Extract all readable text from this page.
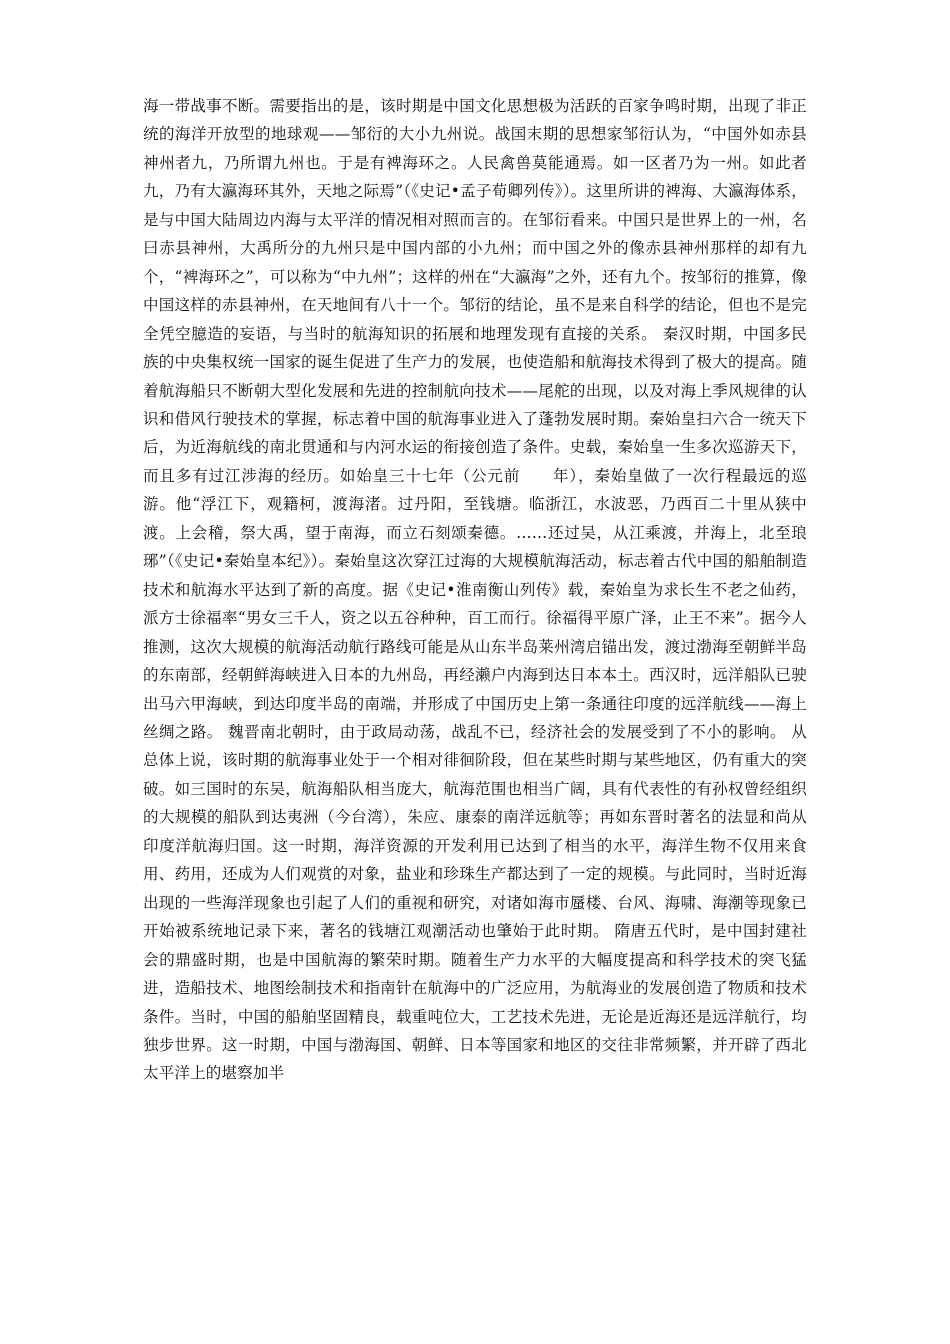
海一带战事不断。需要指出的是，该时期是中国文化思想极为活跃的百家争鸣时期，出现了非正统的海洋开放型的地球观——邹衍的大小九州说。战国末期的思想家邹衍认为，“中国外如赤县神州者九，乃所谓九州也。于是有裨海环之。人民禽兽莫能通焉。如一区者乃为一州。如此者九，乃有大瀛海环其外，天地之际焉”（《史记•孟子荀卿列传》）。这里所讲的裨海、大瀛海体系，是与中国大陆周边内海与太平洋的情况相对照而言的。在邹衍看来。中国只是世界上的一州，名曰赤县神州，大禹所分的九州只是中国内部的小九州；而中国之外的像赤县神州那样的却有九个，“裨海环之”，可以称为“中九州”；这样的州在“大瀛海”之外，还有九个。按邹衍的推算，像中国这样的赤县神州，在天地间有八十一个。邹衍的结论，虽不是来自科学的结论，但也不是完全凭空臆造的妄语，与当时的航海知识的拓展和地理发现有直接的关系。 秦汉时期，中国多民族的中央集权统一国家的诞生促进了生产力的发展，也使造船和航海技术得到了极大的提高。随着航海船只不断朝大型化发展和先进的控制航向技术——尾舵的出现，以及对海上季风规律的认识和借风行驶技术的掌握，标志着中国的航海事业进入了蓬勃发展时期。秦始皇扫六合一统天下后，为近海航线的南北贯通和与内河水运的衔接创造了条件。史载，秦始皇一生多次巡游天下，而且多有过江涉海的经历。如始皇三十七年（公元前　　年），秦始皇做了一次行程最远的巡游。他“浮江下，观籍柯，渡海渚。过丹阳，至钱塘。临浙江，水波恶，乃西百二十里从狭中渡。上会稽，祭大禹，望于南海，而立石刻颂秦德。……还过吴，从江乘渡，并海上，北至琅琊”（《史记•秦始皇本纪》）。秦始皇这次穿江过海的大规模航海活动，标志着古代中国的船舶制造技术和航海水平达到了新的高度。据《史记•淮南衡山列传》载，秦始皇为求长生不老之仙药，派方士徐福率“男女三千人，资之以五谷种种，百工而行。徐福得平原广泽，止王不来”。据今人推测，这次大规模的航海活动航行路线可能是从山东半岛莱州湾启锚出发，渡过渤海至朝鲜半岛的东南部，经朝鲜海峡进入日本的九州岛，再经濑户内海到达日本本土。西汉时，远洋船队已驶出马六甲海峡，到达印度半岛的南端，并形成了中国历史上第一条通往印度的远洋航线——海上丝绸之路。 魏晋南北朝时，由于政局动荡，战乱不已，经济社会的发展受到了不小的影响。 从总体上说，该时期的航海事业处于一个相对徘徊阶段，但在某些时期与某些地区，仍有重大的突破。如三国时的东吴，航海船队相当庞大，航海范围也相当广阔，具有代表性的有孙权曾经组织的大规模的船队到达夷洲（今台湾），朱应、康泰的南洋远航等；再如东晋时著名的法显和尚从印度洋航海归国。这一时期，海洋资源的开发利用已达到了相当的水平，海洋生物不仅用来食用、药用，还成为人们观赏的对象，盐业和珍珠生产都达到了一定的规模。与此同时，当时近海出现的一些海洋现象也引起了人们的重视和研究，对诸如海市蜃楼、台风、海啸、海潮等现象已开始被系统地记录下来，著名的钱塘江观潮活动也肇始于此时期。 隋唐五代时，是中国封建社会的鼎盛时期，也是中国航海的繁荣时期。随着生产力水平的大幅度提高和科学技术的突飞猛进，造船技术、地图绘制技术和指南针在航海中的广泛应用，为航海业的发展创造了物质和技术条件。当时，中国的船舶坚固精良，载重吨位大，工艺技术先进，无论是近海还是远洋航行，均独步世界。这一时期，中国与渤海国、朝鲜、日本等国家和地区的交往非常频繁，并开辟了西北太平洋上的堪察加半
